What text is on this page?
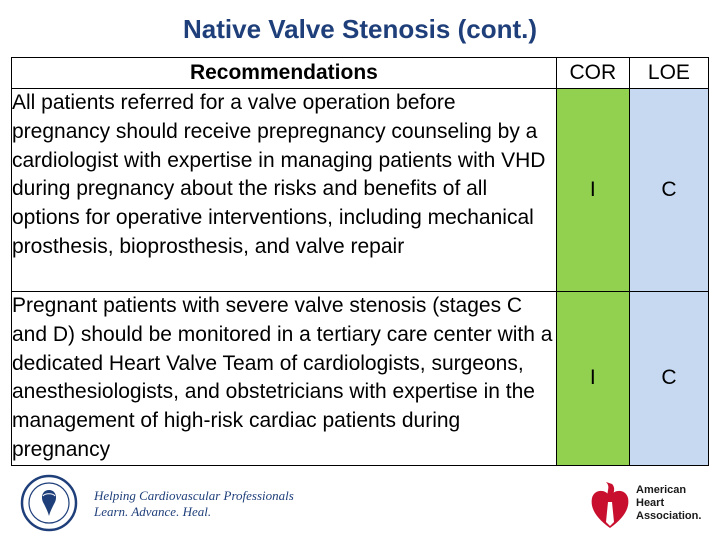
Native Valve Stenosis (cont.)
Recommendations	COR	LOE
All patients referred for a valve operation before pregnancy should receive prepregnancy counseling by a cardiologist with expertise in managing patients with VHD during pregnancy about the risks and benefits of all options for operative interventions, including mechanical prosthesis, bioprosthesis, and valve repair	I	C
Pregnant patients with severe valve stenosis (stages C and D) should be monitored in a tertiary care center with a dedicated Heart Valve Team of cardiologists, surgeons, anesthesiologists, and obstetricians with expertise in the management of high-risk cardiac patients during pregnancy	I	C
Helping Cardiovascular Professionals
Learn. Advance. Heal.
American
Heart
Association.
